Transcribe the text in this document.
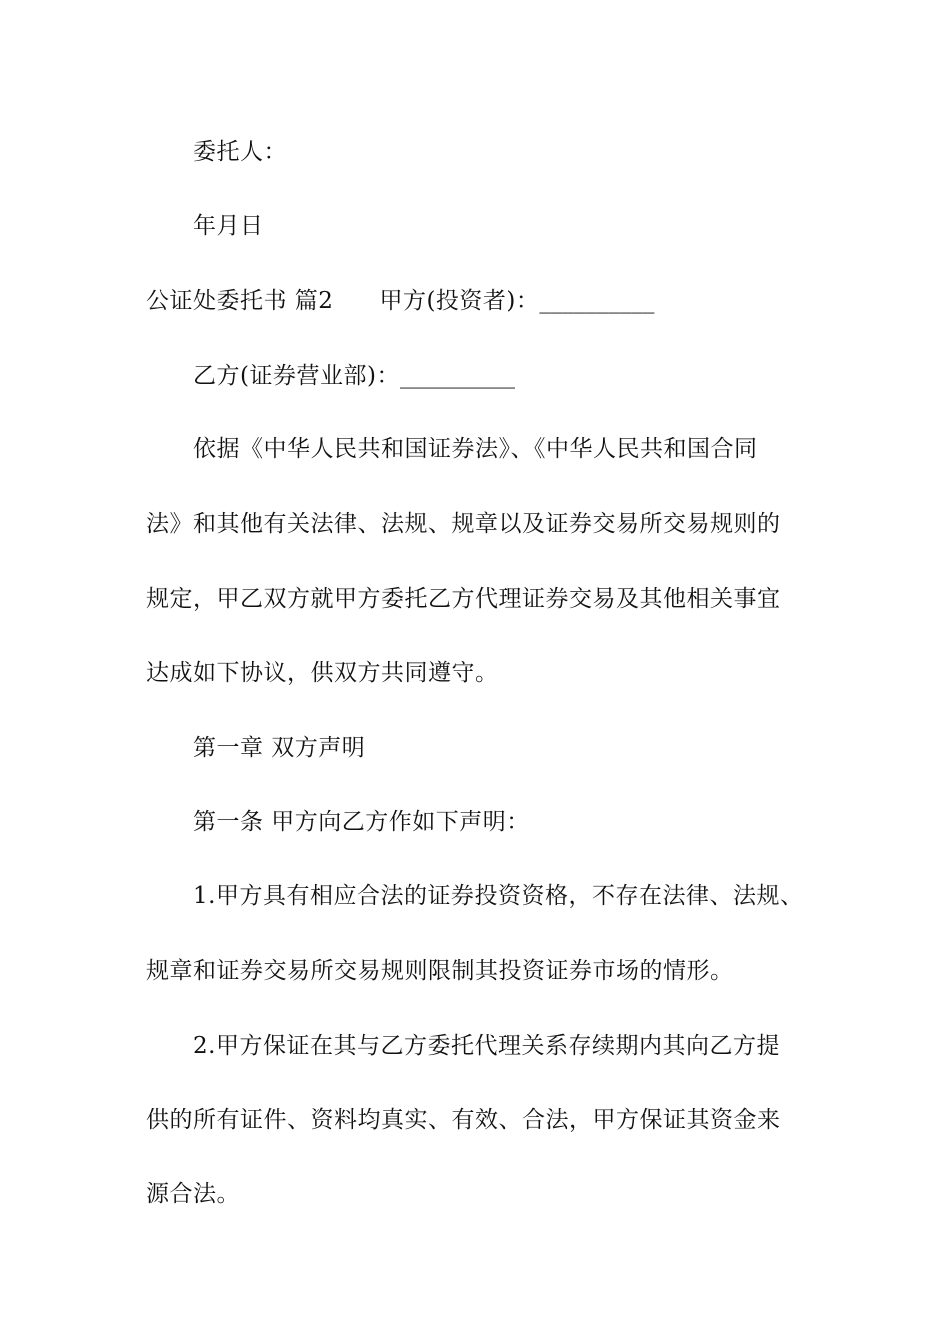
委托人：
年月日
公证处委托书 篇2 甲方(投资者)：__________
乙方(证券营业部)：__________
依据《中华人民共和国证券法》、《中华人民共和国合同
法》和其他有关法律、法规、规章以及证券交易所交易规则的
规定，甲乙双方就甲方委托乙方代理证券交易及其他相关事宜
达成如下协议，供双方共同遵守。
第一章 双方声明
第一条 甲方向乙方作如下声明：
1.甲方具有相应合法的证券投资资格，不存在法律、法规、
规章和证券交易所交易规则限制其投资证券市场的情形。
2.甲方保证在其与乙方委托代理关系存续期内其向乙方提
供的所有证件、资料均真实、有效、合法，甲方保证其资金来
源合法。
